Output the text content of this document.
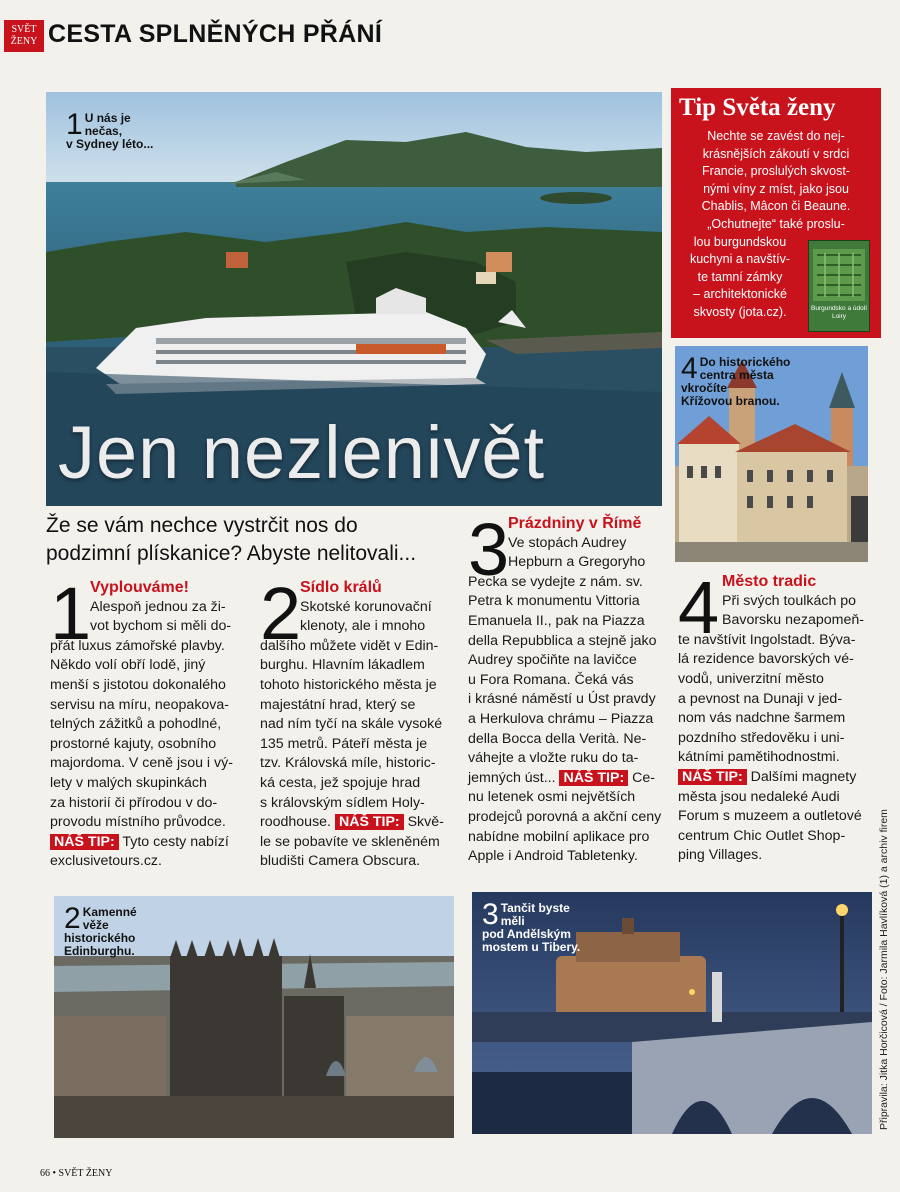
SVĚT
ŽENY CESTA SPLNĚNÝCH PŘÁNÍ
1 U nás je nečas,
v Sydney léto...
Jen nezlenivět
Tip Světa ženy

Nechte se zavést do nej-
krásnějších zákoutí v srdci
Francie, proslulých skvost-
nými víny z míst, jako jsou
Chablis, Mâcon či Beaune.
„Ochutnejte“ také proslu-

lou burgundskou
kuchyni a navštív-
te tamní zámky
– architektonické
skvosty (jota.cz).	Burgundsko a údolí Loiry
4 Do historického
centra města vkročíte
Křížovou branou.
Že se vám nechce vystrčit nos do
podzimní plískanice? Abyste nelitovali...
1
Vyplouváme!
Alespoň jednou za ži-
vot bychom si měli do-
přát luxus zámořské plavby.
Někdo volí obří lodě, jiný
menší s jistotou dokonalého
servisu na míru, neopakova-
telných zážitků a pohodlné,
prostorné kajuty, osobního
majordoma. V ceně jsou i vý-
lety v malých skupinkách
za historií či přírodou v do-
provodu místního průvodce.
NÁŠ TIP: Tyto cesty nabízí
exclusivetours.cz.
2
Sídlo králů
Skotské korunovační
klenoty, ale i mnoho
dalšího můžete vidět v Edin-
burghu. Hlavním lákadlem
tohoto historického města je
majestátní hrad, který se
nad ním tyčí na skále vysoké
135 metrů. Páteří města je
tzv. Královská míle, historic-
ká cesta, jež spojuje hrad
s královským sídlem Holy-
roodhouse. NÁŠ TIP: Skvě-
le se pobavíte ve skleněném
bludišti Camera Obscura.
3
Prázdniny v Římě
Ve stopách Audrey
Hepburn a Gregoryho
Pecka se vydejte z nám. sv.
Petra k monumentu Vittoria
Emanuela II., pak na Piazza
della Repubblica a stejně jako
Audrey spočiňte na lavičce
u Fora Romana. Čeká vás
i krásné náměstí u Úst pravdy
a Herkulova chrámu – Piazza
della Bocca della Verità. Ne-
váhejte a vložte ruku do ta-
jemných úst... NÁŠ TIP: Ce-
nu letenek osmi největších
prodejců porovná a akční ceny
nabídne mobilní aplikace pro
Apple i Android Tabletenky.
4 Město tradic
Při svých toulkách po
Bavorsku nezapomeň-
te navštívit Ingolstadt. Býva-
lá rezidence bavorských vé-
vodů, univerzitní město
a pevnost na Dunaji v jed-
nom vás nadchne šarmem
pozdního středověku i uni-
kátními pamětihodnostmi.
NÁŠ TIP: Dalšími magnety
města jsou nedaleké Audi
Forum s muzeem a outletové
centrum Chic Outlet Shop-
ping Villages.
2 Kamenné věže
historického
Edinburghu.
3 Tančit byste měli
pod Andělským
mostem u Tibery.
66 • SVĚT ŽENY
Připravila: Jitka Horčicová / Foto: Jarmila Havlíková (1) a archiv firem
